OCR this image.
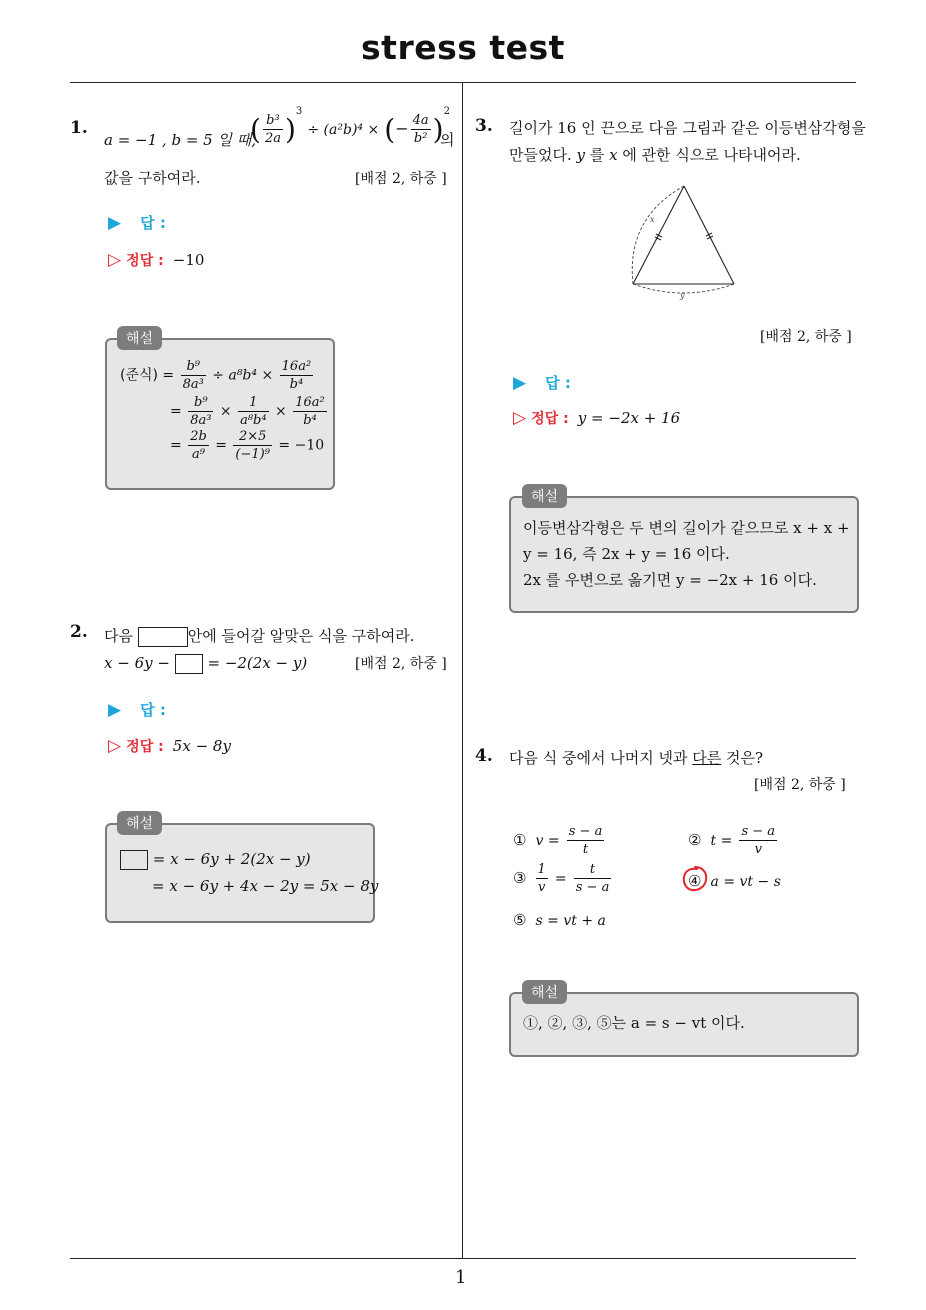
stress test
1
1.
a = −1 , b = 5 일 때,
( $\frac{\text{b³}}{2a} )^3 \div (a^2b)^4$ × (− $\frac{4a}{\text{b²}} )^2$
의
값을 구하여라.	[배점 2, 하중 ]
▶ 답 :
▷ 정답 : −10
해설
(준식) = $\frac{\text{b⁹}}{\text{8a³}} \div a^8b^4 \times \frac{\text{16a²}}{\text{b⁴}}$
= $\frac{\text{b⁹}}{\text{8a³}} \times \frac{1}{\text{a⁸b⁴}} \times \frac{\text{16a²}}{\text{b⁴}}$
= $\frac{2b}{\text{a⁹}} = \frac{2\times 5}{\text{(−1)⁹}} = -10$
2. 다음	안에 들어갈 알맞은 식을 구하여라.
x − 6y −	= −2(2x − y)	[배점 2, 하중 ]
▶ 답 :
▷ 정답 : 5x − 8y
해설
= x − 6y + 2(2x − y)
= x − 6y + 4x − 2y = 5x − 8y
3. 길이가 16 인 끈으로 다음 그림과 같은 이등변삼각형을
만들었다. y 를 x 에 관한 식으로 나타내어라.
x
y
[배점 2, 하중 ]
▶ 답 :
▷ 정답 : y = −2x + 16
해설
이등변삼각형은 두 변의 길이가 같으므로 x + x +
y = 16, 즉 2x + y = 16 이다.
2x 를 우변으로 옮기면 y = −2x + 16 이다.
4. 다음 식 중에서 나머지 넷과 다른 것은?
[배점 2, 하중 ]
① $v = \frac{s - a}{t}$	② $t = \frac{s - a}{v}$
③ $\frac{1}{v} = \frac{t}{s - a}$	④ a = vt − s
⑤ s = vt + a
해설
①, ②, ③, ⑤는 a = s − vt 이다.
